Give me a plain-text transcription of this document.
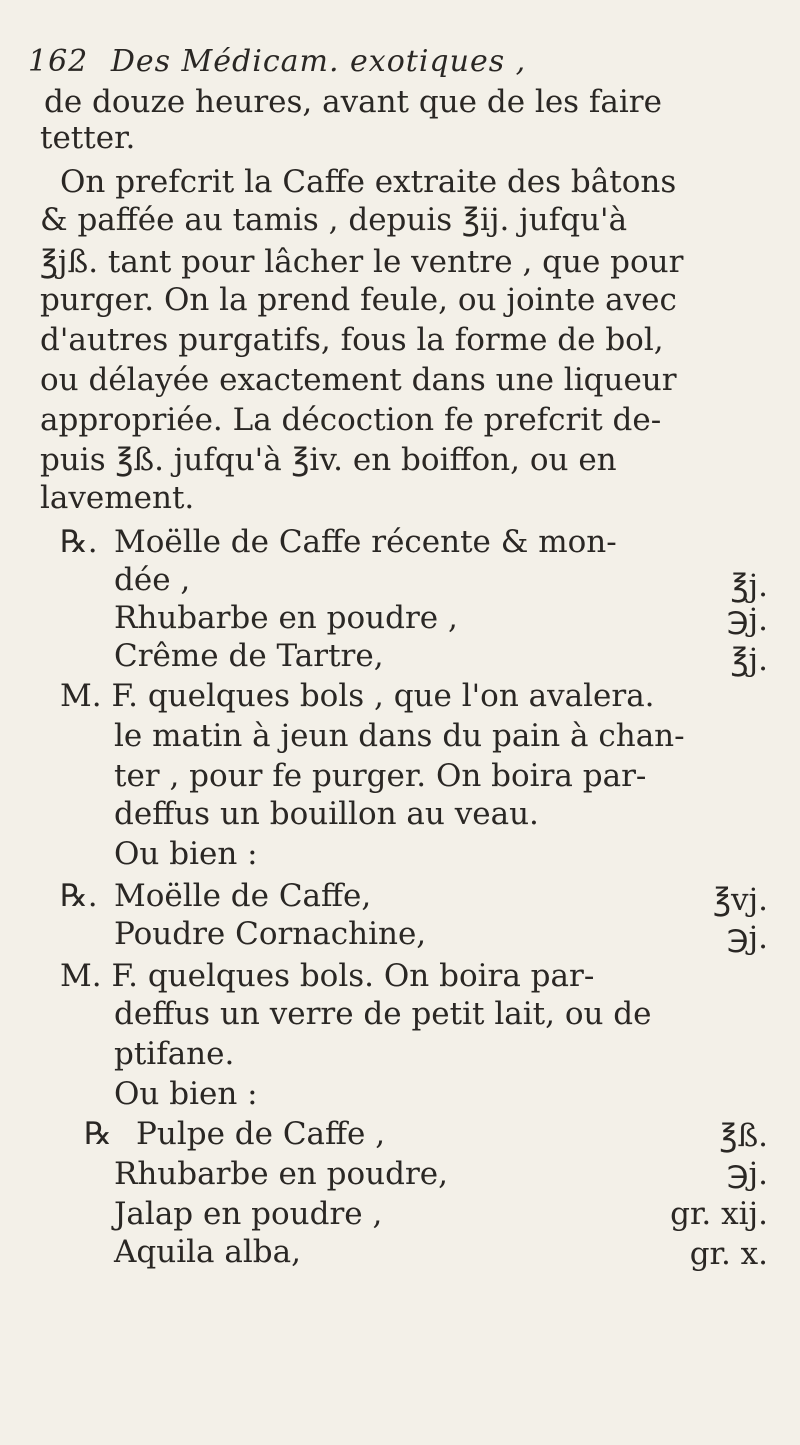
162 Des Médicam. exotiques ,
de douze heures, avant que de les faire
tetter.
On prefcrit la Caffe extraite des bâtons
& paffée au tamis , depuis ℥ij. jufqu'à
℥jß. tant pour lâcher le ventre , que pour
purger. On la prend feule, ou jointe avec
d'autres purgatifs, fous la forme de bol,
ou délayée exactement dans une liqueur
appropriée. La décoction fe prefcrit de-
puis ℥ß. jufqu'à ℥iv. en boiffon, ou en
lavement.
℞. Moëlle de Caffe récente & mon-
dée ,	℥j.
Rhubarbe en poudre ,	℈j.
Crême de Tartre,	℥j.
M. F. quelques bols , que l'on avalera.
le matin à jeun dans du pain à chan-
ter , pour fe purger. On boira par-
deffus un bouillon au veau.
Ou bien :
℞. Moëlle de Caffe,	℥vj.
Poudre Cornachine,	℈j.
M. F. quelques bols. On boira par-
deffus un verre de petit lait, ou de
ptifane.
Ou bien :
℞ Pulpe de Caffe ,	℥ß.
Rhubarbe en poudre,	℈j.
Jalap en poudre ,	gr. xij.
Aquila alba,	gr. x.
